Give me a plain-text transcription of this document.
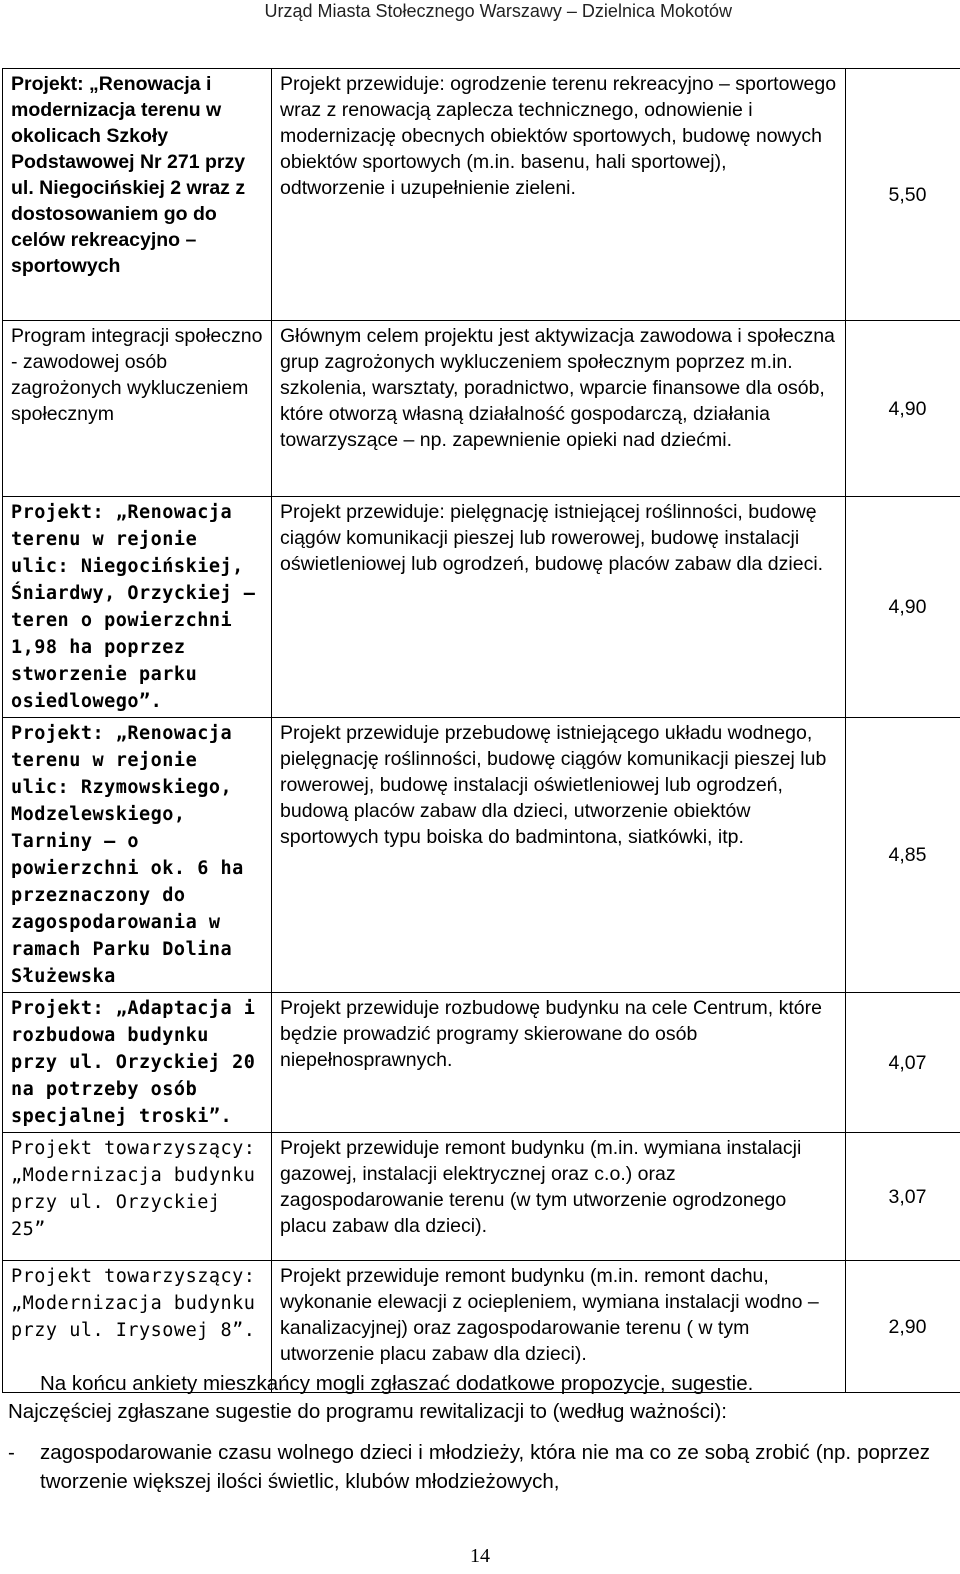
Urząd Miasta Stołecznego Warszawy – Dzielnica Mokotów
Projekt: „Renowacja i modernizacja terenu w okolicach Szkoły Podstawowej Nr 271 przy ul. Niegocińskiej 2 wraz z dostosowaniem go do celów rekreacyjno – sportowych	Projekt przewiduje: ogrodzenie terenu rekreacyjno – sportowego wraz z renowacją zaplecza technicznego, odnowienie i modernizację obecnych obiektów sportowych, budowę nowych obiektów sportowych (m.in. basenu, hali sportowej), odtworzenie i uzupełnienie zieleni.	5,50
Program integracji społeczno - zawodowej osób zagrożonych wykluczeniem społecznym	Głównym celem projektu jest aktywizacja zawodowa i społeczna grup zagrożonych wykluczeniem społecznym poprzez m.in. szkolenia, warsztaty, poradnictwo, wparcie finansowe dla osób, które otworzą własną działalność gospodarczą, działania towarzyszące – np. zapewnienie opieki nad dziećmi.	4,90
Projekt: „Renowacja terenu w rejonie ulic: Niegocińskiej, Śniardwy, Orzyckiej – teren o powierzchni 1,98 ha poprzez stworzenie parku osiedlowego”.	Projekt przewiduje: pielęgnację istniejącej roślinności, budowę ciągów komunikacji pieszej lub rowerowej, budowę instalacji oświetleniowej lub ogrodzeń, budowę placów zabaw dla dzieci.	4,90
Projekt: „Renowacja terenu w rejonie ulic: Rzymowskiego, Modzelewskiego, Tarniny – o powierzchni ok. 6 ha przeznaczony do zagospodarowania w ramach Parku Dolina Służewska	Projekt przewiduje przebudowę istniejącego układu wodnego, pielęgnację roślinności, budowę ciągów komunikacji pieszej lub rowerowej, budowę instalacji oświetleniowej lub ogrodzeń, budową placów zabaw dla dzieci, utworzenie obiektów sportowych typu boiska do badmintona, siatkówki, itp.	4,85
Projekt: „Adaptacja i rozbudowa budynku przy ul. Orzyckiej 20 na potrzeby osób specjalnej troski”.	Projekt przewiduje rozbudowę budynku na cele Centrum, które będzie prowadzić programy skierowane do osób niepełnosprawnych.	4,07
Projekt towarzyszący: „Modernizacja budynku przy ul. Orzyckiej 25”	Projekt przewiduje remont budynku (m.in. wymiana instalacji gazowej, instalacji elektrycznej oraz c.o.) oraz zagospodarowanie terenu (w tym utworzenie ogrodzonego placu zabaw dla dzieci).	3,07
Projekt towarzyszący: „Modernizacja budynku przy ul. Irysowej 8”.	Projekt przewiduje remont budynku (m.in. remont dachu, wykonanie elewacji z ociepleniem, wymiana instalacji wodno – kanalizacyjnej) oraz zagospodarowanie terenu ( w tym utworzenie placu zabaw dla dzieci).	2,90
Na końcu ankiety mieszkańcy mogli zgłaszać dodatkowe propozycje, sugestie.
Najczęściej zgłaszane sugestie do programu rewitalizacji to (według ważności):
- zagospodarowanie czasu wolnego dzieci i młodzieży, która nie ma co ze sobą zrobić (np. poprzez tworzenie większej ilości świetlic, klubów młodzieżowych,
14
